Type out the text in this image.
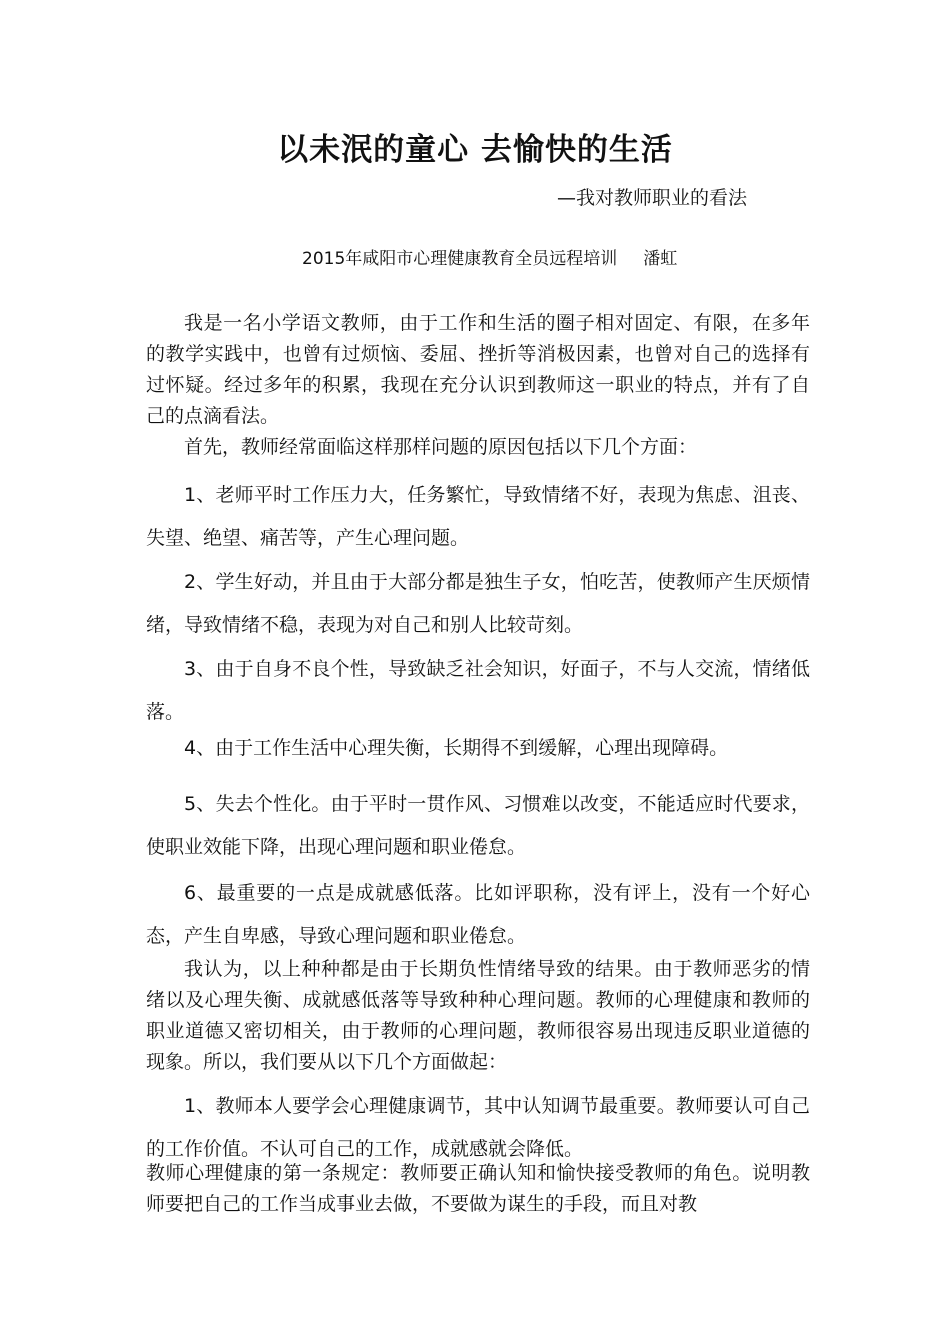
以未泯的童心 去愉快的生活
—我对教师职业的看法
2015年咸阳市心理健康教育全员远程培训 潘虹

我是一名小学语文教师，由于工作和生活的圈子相对固定、有限，在多年的教学实践中，也曾有过烦恼、委屈、挫折等消极因素，也曾对自己的选择有过怀疑。经过多年的积累，我现在充分认识到教师这一职业的特点，并有了自己的点滴看法。

首先，教师经常面临这样那样问题的原因包括以下几个方面：

1、老师平时工作压力大，任务繁忙，导致情绪不好，表现为焦虑、沮丧、失望、绝望、痛苦等，产生心理问题。

2、学生好动，并且由于大部分都是独生子女，怕吃苦，使教师产生厌烦情绪，导致情绪不稳，表现为对自己和别人比较苛刻。

3、由于自身不良个性，导致缺乏社会知识，好面子，不与人交流，情绪低落。

4、由于工作生活中心理失衡，长期得不到缓解，心理出现障碍。

5、失去个性化。由于平时一贯作风、习惯难以改变，不能适应时代要求，使职业效能下降，出现心理问题和职业倦怠。

6、最重要的一点是成就感低落。比如评职称，没有评上，没有一个好心态，产生自卑感，导致心理问题和职业倦怠。

我认为，以上种种都是由于长期负性情绪导致的结果。由于教师恶劣的情绪以及心理失衡、成就感低落等导致种种心理问题。教师的心理健康和教师的职业道德又密切相关，由于教师的心理问题，教师很容易出现违反职业道德的现象。所以，我们要从以下几个方面做起：

1、教师本人要学会心理健康调节，其中认知调节最重要。教师要认可自己的工作价值。不认可自己的工作，成就感就会降低。

教师心理健康的第一条规定：教师要正确认知和愉快接受教师的角色。说明教师要把自己的工作当成事业去做，不要做为谋生的手段，而且对教
